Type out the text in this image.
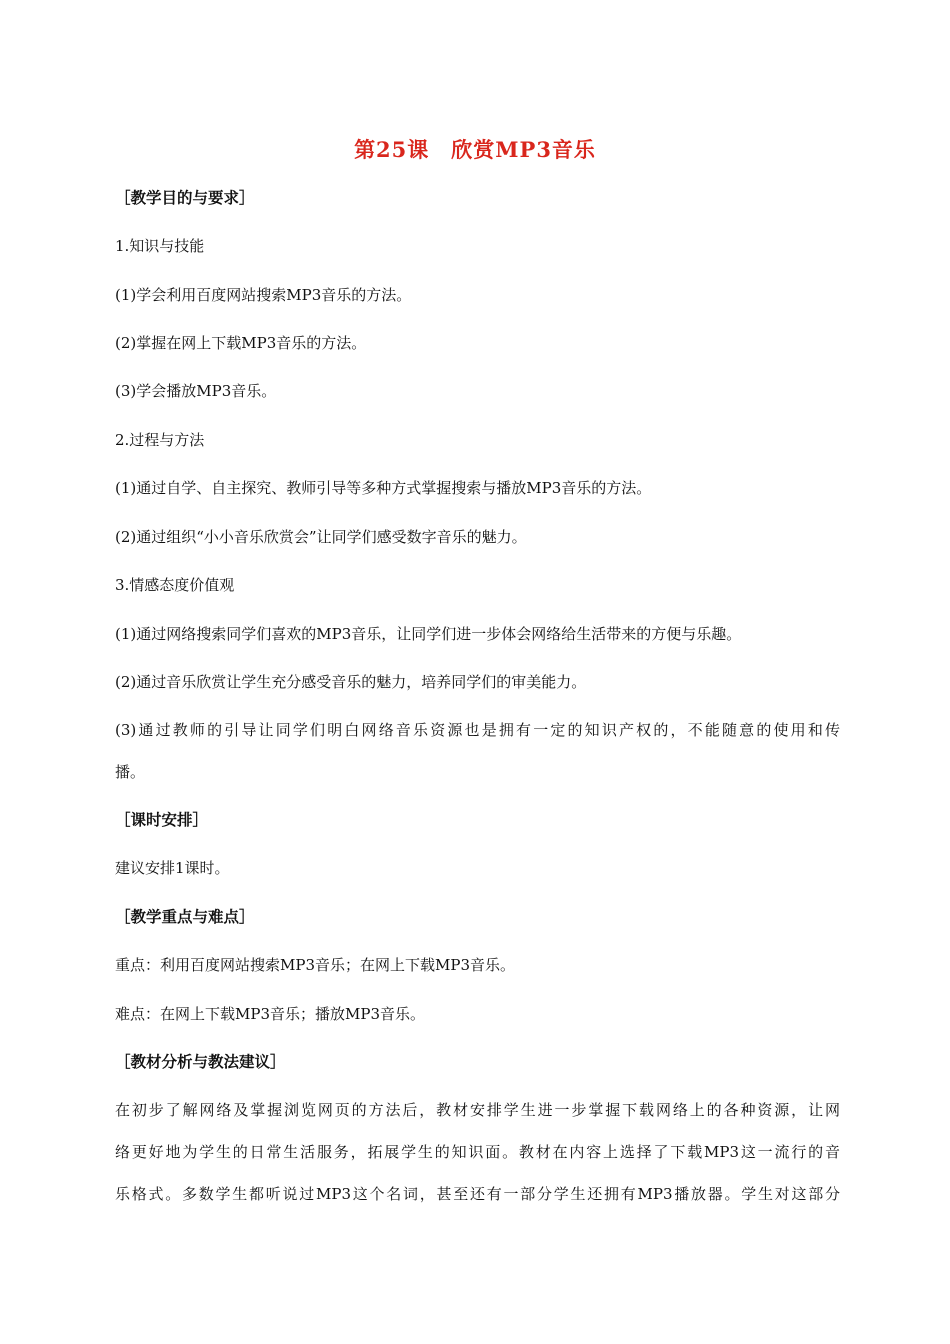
第25课　欣赏MP3音乐
［教学目的与要求］
1.知识与技能
(1)学会利用百度网站搜索MP3音乐的方法。
(2)掌握在网上下载MP3音乐的方法。
(3)学会播放MP3音乐。
2.过程与方法
(1)通过自学、自主探究、教师引导等多种方式掌握搜索与播放MP3音乐的方法。
(2)通过组织“小小音乐欣赏会”让同学们感受数字音乐的魅力。
3.情感态度价值观
(1)通过网络搜索同学们喜欢的MP3音乐，让同学们进一步体会网络给生活带来的方便与乐趣。
(2)通过音乐欣赏让学生充分感受音乐的魅力，培养同学们的审美能力。
(3)通过教师的引导让同学们明白网络音乐资源也是拥有一定的知识产权的，不能随意的使用和传
播。
［课时安排］
建议安排1课时。
［教学重点与难点］
重点：利用百度网站搜索MP3音乐；在网上下载MP3音乐。
难点：在网上下载MP3音乐；播放MP3音乐。
［教材分析与教法建议］
在初步了解网络及掌握浏览网页的方法后，教材安排学生进一步掌握下载网络上的各种资源，让网
络更好地为学生的日常生活服务，拓展学生的知识面。教材在内容上选择了下载MP3这一流行的音
乐格式。多数学生都听说过MP3这个名词，甚至还有一部分学生还拥有MP3播放器。学生对这部分
